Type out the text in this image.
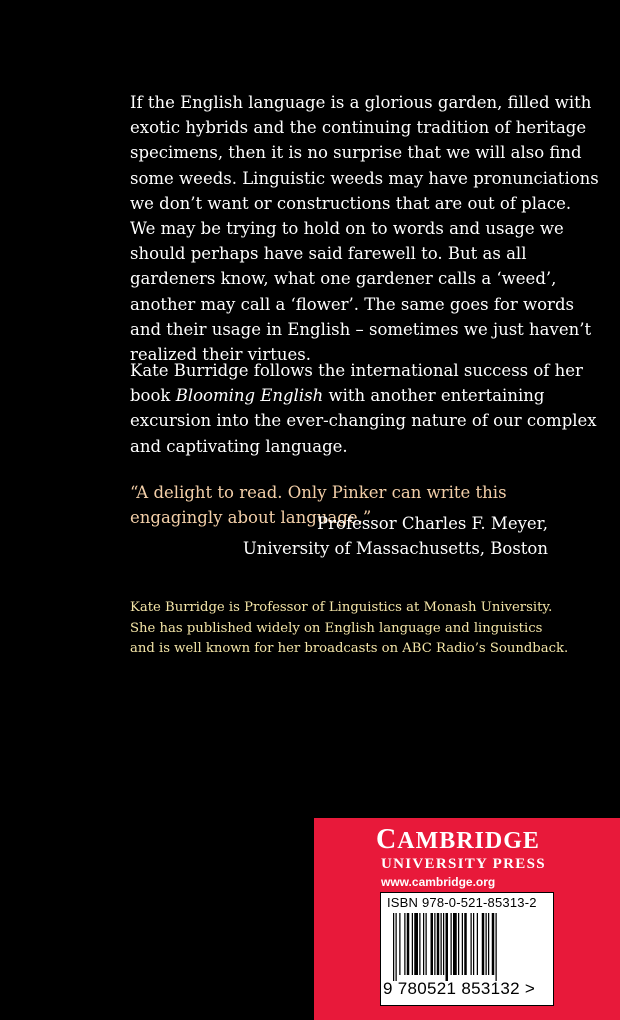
If the English language is a glorious garden, filled with exotic hybrids and the continuing tradition of heritage specimens, then it is no surprise that we will also find some weeds. Linguistic weeds may have pronunciations we don’t want or constructions that are out of place. We may be trying to hold on to words and usage we should perhaps have said farewell to. But as all gardeners know, what one gardener calls a ‘weed’, another may call a ‘flower’. The same goes for words and their usage in English – sometimes we just haven’t realized their virtues.

Kate Burridge follows the international success of her book Blooming English with another entertaining excursion into the ever-changing nature of our complex and captivating language.

“A delight to read. Only Pinker can write this engagingly about language.”

Professor Charles F. Meyer,
University of Massachusetts, Boston

Kate Burridge is Professor of Linguistics at Monash University. She has published widely on English language and linguistics and is well known for her broadcasts on ABC Radio’s Soundback.

CAMBRIDGE
UNIVERSITY PRESS
www.cambridge.org
ISBN 978-0-521-85313-2
9 780521 853132 >
